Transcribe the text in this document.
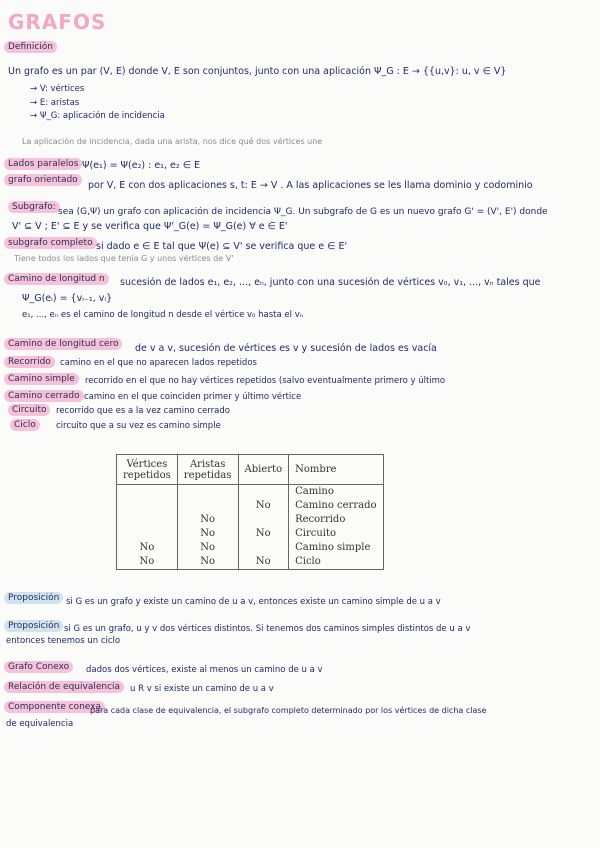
GRAFOS
Definición
Un grafo es un par (V, E) donde V, E son conjuntos, junto con una aplicación Ψ_G : E → {{u,v}: u, v ∈ V}
→ V: vértices
→ E: aristas
→ Ψ_G: aplicación de incidencia
La aplicación de incidencia, dada una arista, nos dice qué dos vértices une
Lados paralelos Ψ(e₁) = Ψ(e₂) : e₁, e₂ ∈ E
grafo orientado	por V, E con dos aplicaciones s, t: E → V . A las aplicaciones se les llama dominio y codominio
Subgrafo: sea (G,Ψ) un grafo con aplicación de incidencia Ψ_G. Un subgrafo de G es un nuevo grafo G' = (V', E') donde
V' ⊆ V ; E' ⊆ E y se verifica que Ψ'_G(e) = Ψ_G(e) ∀ e ∈ E'
subgrafo completo si dado e ∈ E tal que Ψ(e) ⊆ V' se verifica que e ∈ E'
Tiene todos los lados que tenía G y unos vértices de V'
Camino de longitud n	sucesión de lados e₁, e₂, ..., eₙ, junto con una sucesión de vértices v₀, v₁, ..., vₙ tales que
Ψ_G(eᵢ) = {vᵢ₋₁, vᵢ}
e₁, ..., eₙ es el camino de longitud n desde el vértice v₀ hasta el vₙ
Camino de longitud cero	de v a v, sucesión de vértices es v y sucesión de lados es vacía
Recorrido	camino en el que no aparecen lados repetidos
Camino simple	recorrido en el que no hay vértices repetidos (salvo eventualmente primero y último
Camino cerrado camino en el que coinciden primer y último vértice
Circuito	recorrido que es a la vez camino cerrado
Ciclo	circuito que a su vez es camino simple
Vértices
repetidos	Aristas
repetidas	Abierto	Nombre
			Camino
		No	Camino cerrado
	No		Recorrido
	No	No	Circuito
No	No		Camino simple
No	No	No	Ciclo
Proposición si G es un grafo y existe un camino de u a v, entonces existe un camino simple de u a v
Proposición si G es un grafo, u y v dos vértices distintos. Si tenemos dos caminos simples distintos de u a v
entonces tenemos un ciclo
Grafo Conexo	dados dos vértices, existe al menos un camino de u a v
Relación de equivalencia	u R v si existe un camino de u a v
Componente conexa
para cada clase de equivalencia, el subgrafo completo determinado por los vértices de dicha clase
de equivalencia
